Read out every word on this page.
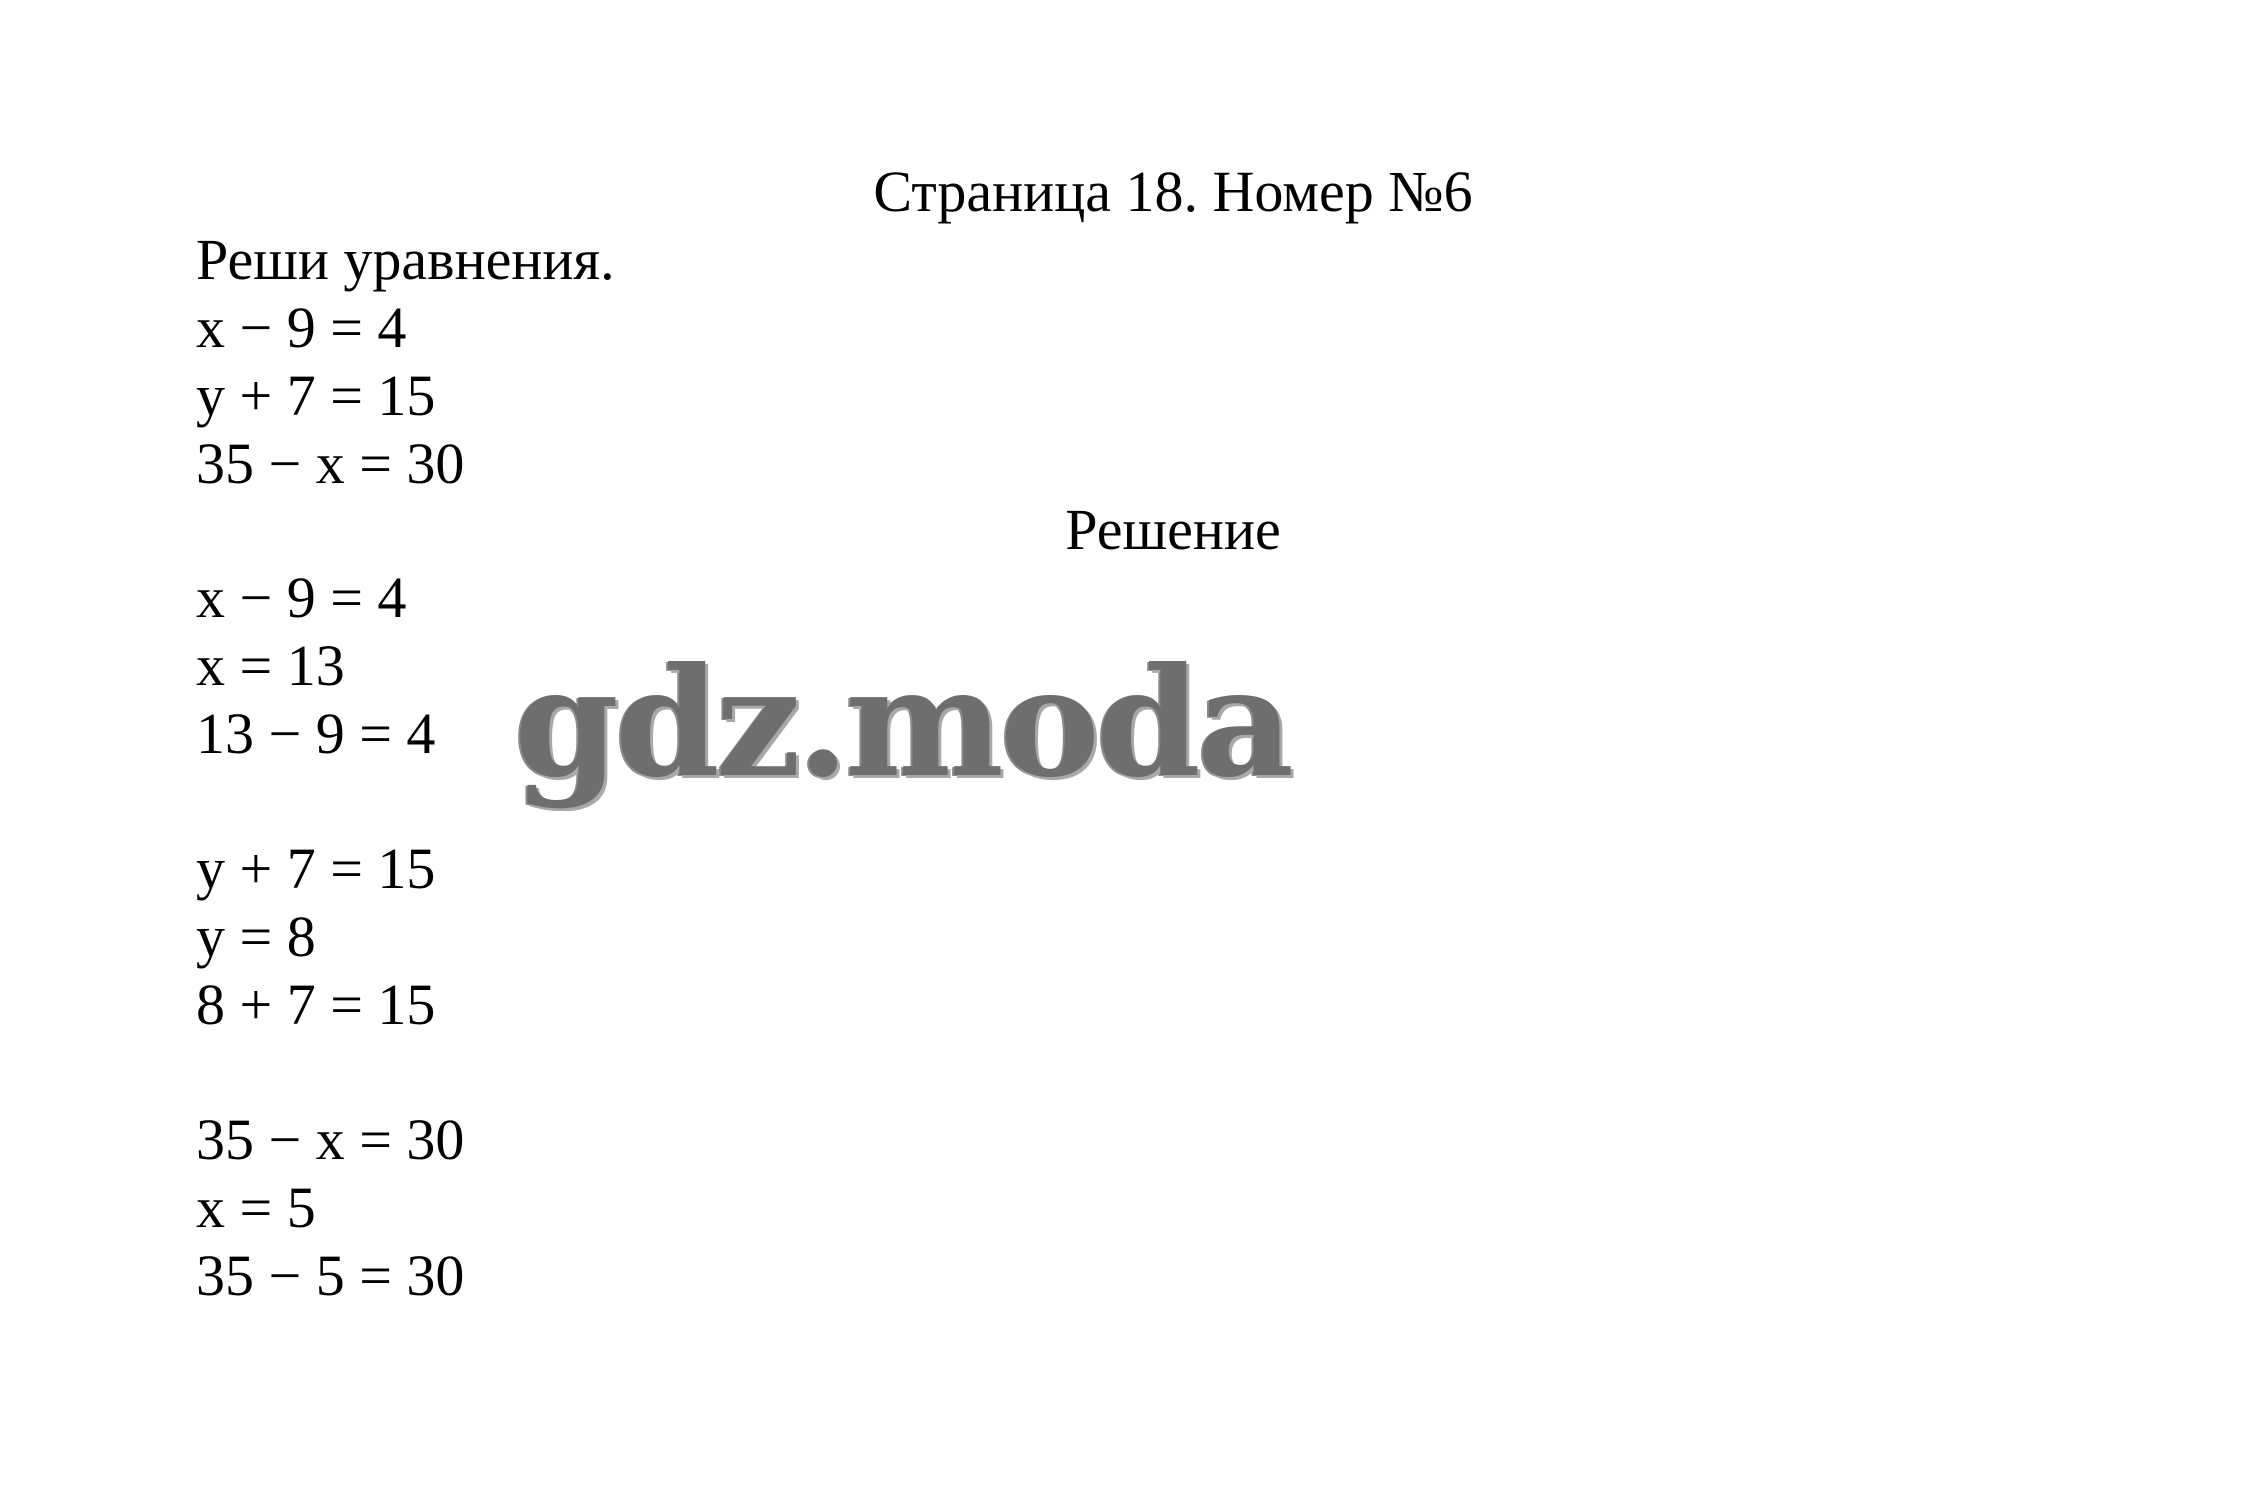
Страница 18. Номер №6
Реши уравнения.
x − 9 = 4
y + 7 = 15
35 − x = 30
Решение
x − 9 = 4
x = 13
13 − 9 = 4
y + 7 = 15
y = 8
8 + 7 = 15
35 − x = 30
x = 5
35 − 5 = 30
gdz.moda
